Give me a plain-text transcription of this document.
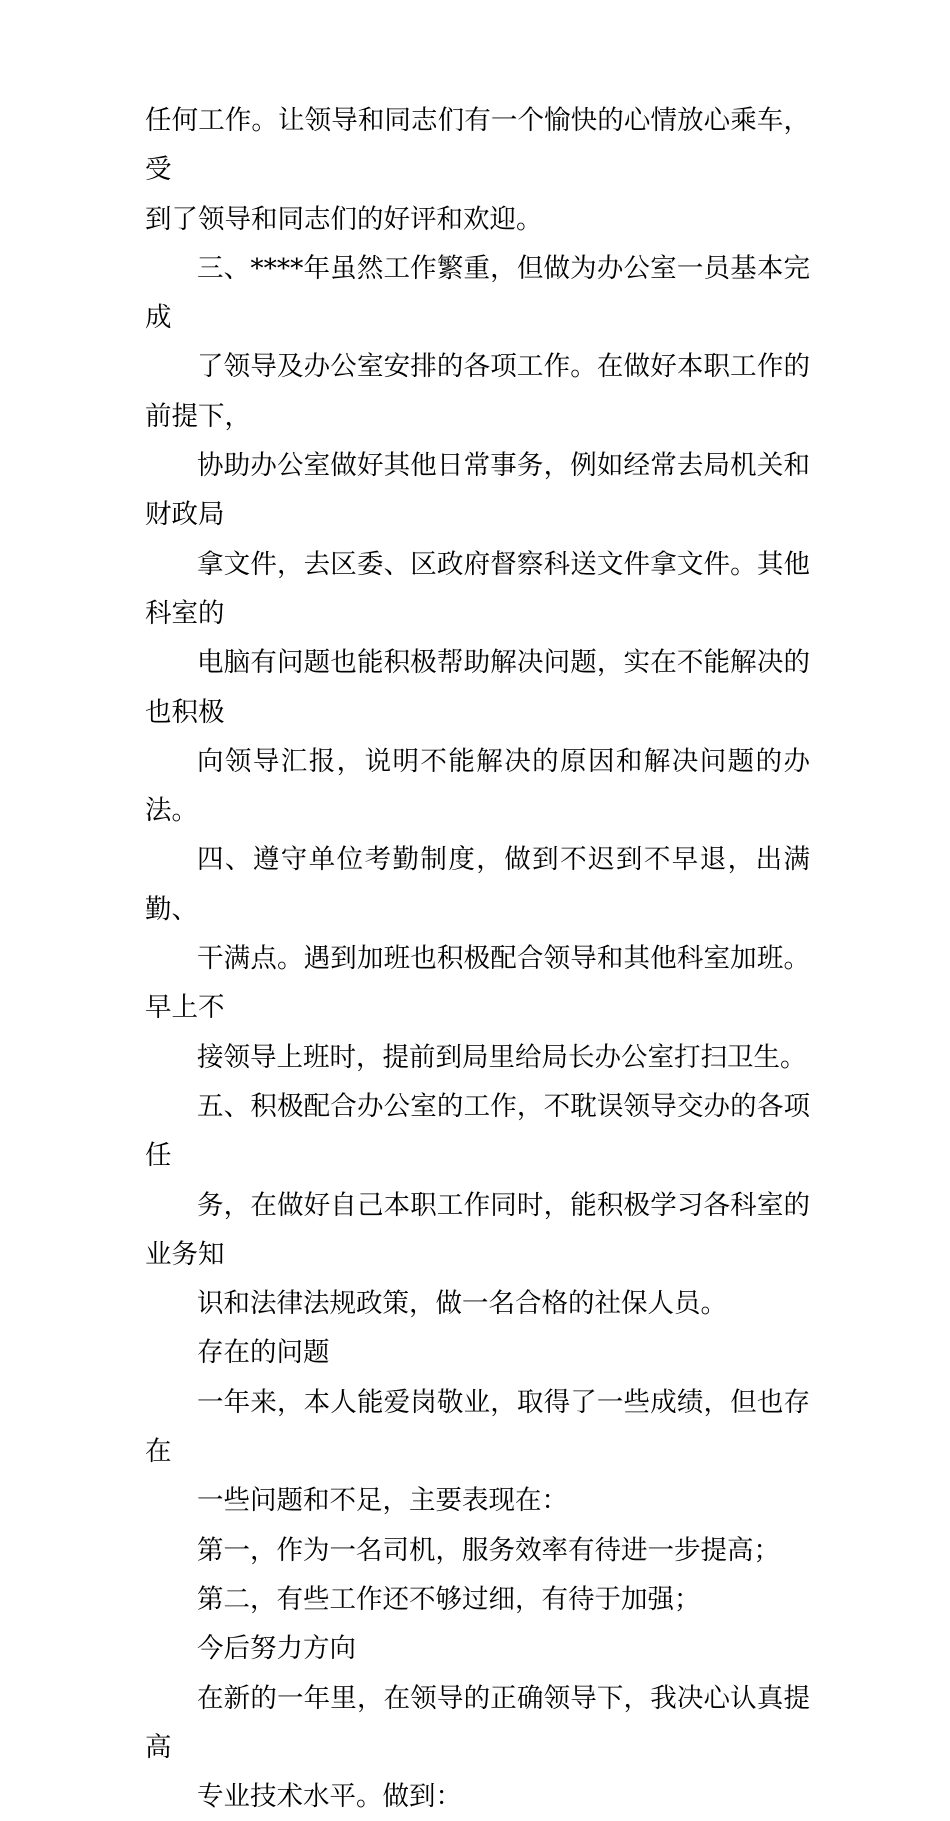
任何工作。让领导和同志们有一个愉快的心情放心乘车，受
到了领导和同志们的好评和欢迎。

三、****年虽然工作繁重，但做为办公室一员基本完成
了领导及办公室安排的各项工作。在做好本职工作的前提下，
协助办公室做好其他日常事务，例如经常去局机关和财政局
拿文件，去区委、区政府督察科送文件拿文件。其他科室的
电脑有问题也能积极帮助解决问题，实在不能解决的也积极
向领导汇报，说明不能解决的原因和解决问题的办法。

四、遵守单位考勤制度，做到不迟到不早退，出满勤、
干满点。遇到加班也积极配合领导和其他科室加班。早上不
接领导上班时，提前到局里给局长办公室打扫卫生。

五、积极配合办公室的工作，不耽误领导交办的各项任
务，在做好自己本职工作同时，能积极学习各科室的业务知
识和法律法规政策，做一名合格的社保人员。

存在的问题

一年来，本人能爱岗敬业，取得了一些成绩，但也存在
一些问题和不足，主要表现在：

第一，作为一名司机，服务效率有待进一步提高；

第二，有些工作还不够过细，有待于加强；

今后努力方向

在新的一年里，在领导的正确领导下，我决心认真提高
专业技术水平。做到：
